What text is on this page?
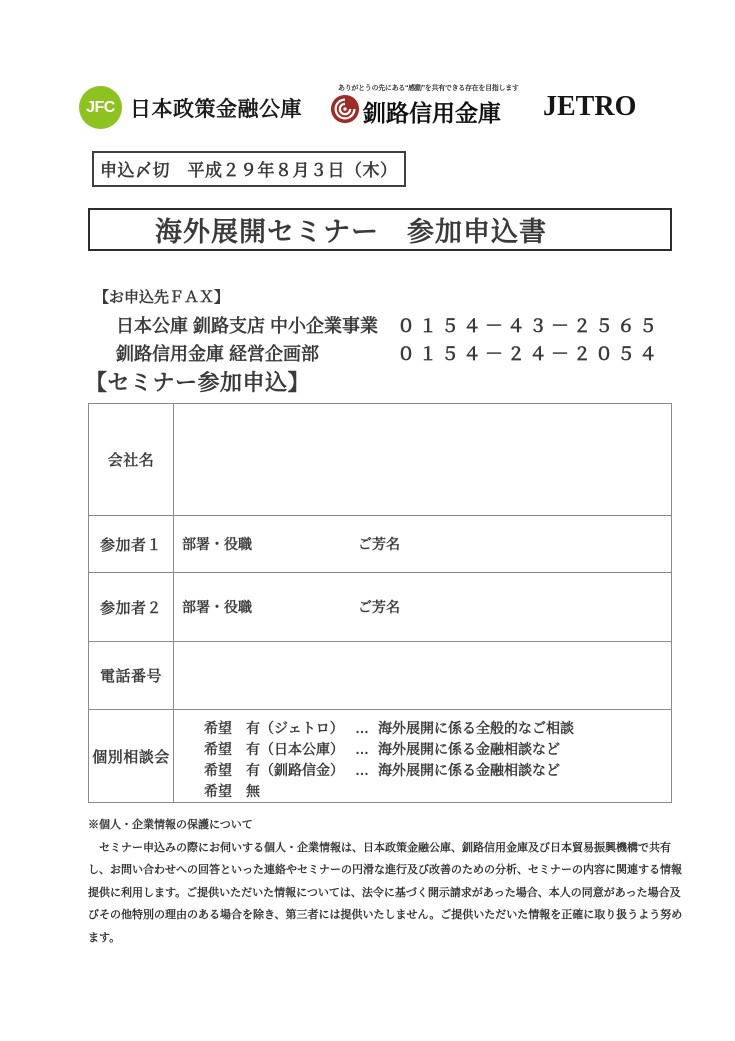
JFC 日本政策金融公庫
ありがとうの先にある“感動”を共有できる存在を目指します
釧路信用金庫 JETRO
申込〆切　平成２９年８月３日（木）
海外展開セミナー　参加申込書
【お申込先ＦＡＸ】
日本公庫 釧路支店 中小企業事業	０１５４－４３－２５６５
釧路信用金庫 経営企画部	０１５４－２４－２０５４
【セミナー参加申込】
会社名	
参加者１	部署・役職 ご芳名

参加者２	部署・役職 ご芳名

電話番号	
個別相談会	
希望　有（ジェトロ） … 海外展開に係る全般的なご相談
希望　有（日本公庫） … 海外展開に係る金融相談など
希望　有（釧路信金） … 海外展開に係る金融相談など
希望　無
※個人・企業情報の保護について
　セミナー申込みの際にお伺いする個人・企業情報は、日本政策金融公庫、釧路信用金庫及び日本貿易振興機構で共有し、お問い合わせへの回答といった連絡やセミナーの円滑な進行及び改善のための分析、セミナーの内容に関連する情報提供に利用します。ご提供いただいた情報については、法令に基づく開示請求があった場合、本人の同意があった場合及びその他特別の理由のある場合を除き、第三者には提供いたしません。ご提供いただいた情報を正確に取り扱うよう努めます。
